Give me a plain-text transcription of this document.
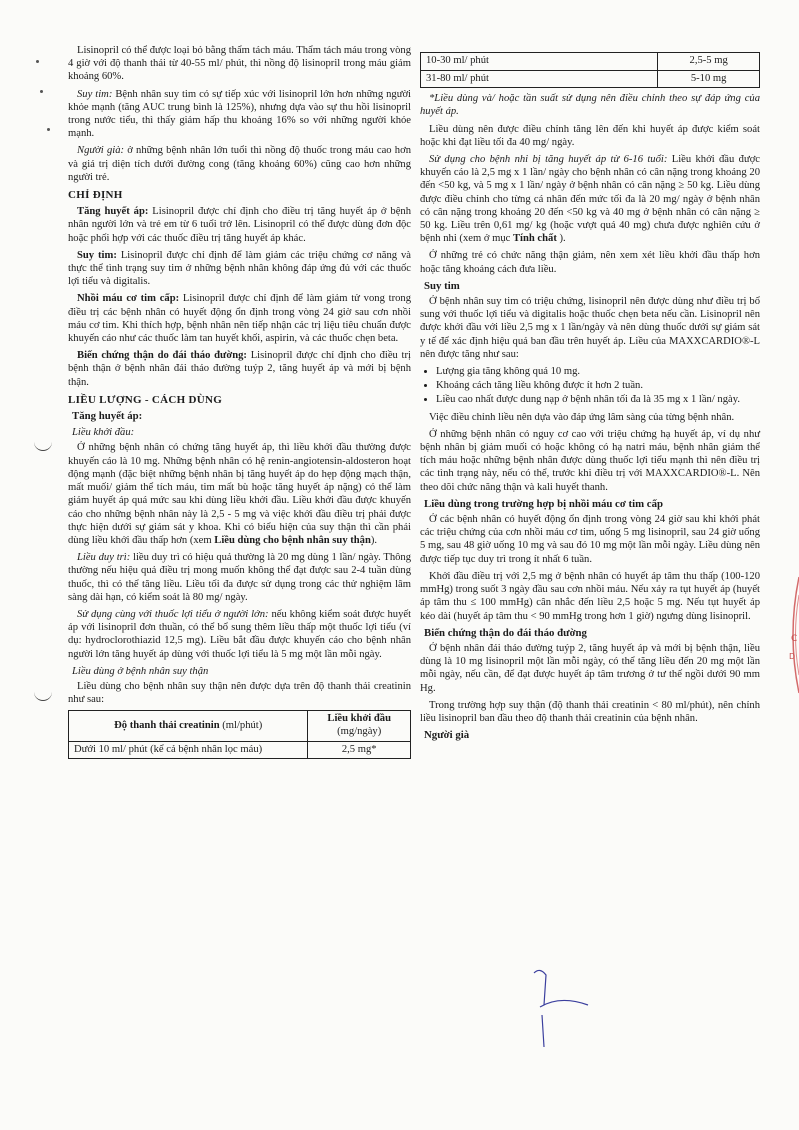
C
D

Lisinopril có thể được loại bỏ bằng thẩm tách máu. Thẩm tách máu trong vòng 4 giờ với độ thanh thải từ 40-55 ml/ phút, thì nồng độ lisinopril trong máu giảm khoảng 60%.

Suy tim: Bệnh nhân suy tim có sự tiếp xúc với lisinopril lớn hơn những người khỏe mạnh (tăng AUC trung bình là 125%), nhưng dựa vào sự thu hồi lisinopril trong nước tiểu, thì thấy giảm hấp thu khoảng 16% so với những người khỏe mạnh.

Người già: ở những bệnh nhân lớn tuổi thì nồng độ thuốc trong máu cao hơn và giá trị diện tích dưới đường cong (tăng khoảng 60%) cũng cao hơn những người trẻ.

CHỈ ĐỊNH

Tăng huyết áp: Lisinopril được chỉ định cho điều trị tăng huyết áp ở bệnh nhân người lớn và trẻ em từ 6 tuổi trở lên. Lisinopril có thể được dùng đơn độc hoặc phối hợp với các thuốc điều trị tăng huyết áp khác.

Suy tim: Lisinopril được chỉ định để làm giảm các triệu chứng cơ năng và thực thể tình trạng suy tim ở những bệnh nhân không đáp ứng đủ với các thuốc lợi tiểu và digitalis.

Nhồi máu cơ tim cấp: Lisinopril được chỉ định để làm giảm tử vong trong điều trị các bệnh nhân có huyết động ổn định trong vòng 24 giờ sau cơn nhồi máu cơ tim. Khi thích hợp, bệnh nhân nên tiếp nhận các trị liệu tiêu chuẩn được khuyến cáo như các thuốc làm tan huyết khối, aspirin, và các thuốc chẹn beta.

Biến chứng thận do đái tháo đường: Lisinopril được chỉ định cho điều trị bệnh thận ở bệnh nhân đái tháo đường tuýp 2, tăng huyết áp và mới bị bệnh thận.

LIỀU LƯỢNG - CÁCH DÙNG
Tăng huyết áp:
Liều khởi đầu:

Ở những bệnh nhân có chứng tăng huyết áp, thì liều khởi đầu thường được khuyến cáo là 10 mg. Những bệnh nhân có hệ renin-angiotensin-aldosteron hoạt động mạnh (đặc biệt những bệnh nhân bị tăng huyết áp do hẹp động mạch thận, mất muối/ giảm thể tích máu, tim mất bù hoặc tăng huyết áp nặng) có thể làm giảm huyết áp quá mức sau khi dùng liều khởi đầu. Liều khởi đầu được khuyến cáo cho những bệnh nhân này là 2,5 - 5 mg và việc khởi đầu điều trị phải được thực hiện dưới sự giám sát y khoa. Khi có biểu hiện của suy thận thì cần phải dùng liều khởi đầu thấp hơn (xem Liều dùng cho bệnh nhân suy thận).

Liều duy trì: liều duy trì có hiệu quả thường là 20 mg dùng 1 lần/ ngày. Thông thường nếu hiệu quả điều trị mong muốn không thể đạt được sau 2-4 tuần dùng thuốc, thì có thể tăng liều. Liều tối đa được sử dụng trong các thử nghiệm lâm sàng dài hạn, có kiểm soát là 80 mg/ ngày.

Sử dụng cùng với thuốc lợi tiểu ở người lớn: nếu không kiểm soát được huyết áp với lisinopril đơn thuần, có thể bổ sung thêm liều thấp một thuốc lợi tiểu (ví dụ: hydroclorothiazid 12,5 mg). Liều bắt đầu được khuyến cáo cho bệnh nhân người lớn tăng huyết áp dùng với thuốc lợi tiểu là 5 mg một lần mỗi ngày.

Liều dùng ở bệnh nhân suy thận

Liều dùng cho bệnh nhân suy thận nên được dựa trên độ thanh thải creatinin như sau:

Độ thanh thải creatinin (ml/phút)	Liều khởi đầu
(mg/ngày)
Dưới 10 ml/ phút (kể cả bệnh nhân lọc máu)	2,5 mg*
10-30 ml/ phút	2,5-5 mg
31-80 ml/ phút	5-10 mg

*Liều dùng và/ hoặc tần suất sử dụng nên điều chỉnh theo sự đáp ứng của huyết áp.

Liều dùng nên được điều chỉnh tăng lên đến khi huyết áp được kiểm soát hoặc khi đạt liều tối đa 40 mg/ ngày.

Sử dụng cho bệnh nhi bị tăng huyết áp từ 6-16 tuổi: Liều khởi đầu được khuyến cáo là 2,5 mg x 1 lần/ ngày cho bệnh nhân có cân nặng trong khoảng 20 đến <50 kg, và 5 mg x 1 lần/ ngày ở bệnh nhân có cân nặng ≥ 50 kg. Liều dùng được điều chỉnh cho từng cá nhân đến mức tối đa là 20 mg/ ngày ở bệnh nhân có cân nặng trong khoảng 20 đến <50 kg và 40 mg ở bệnh nhân có cân nặng ≥ 50 kg. Liều trên 0,61 mg/ kg (hoặc vượt quá 40 mg) chưa được nghiên cứu ở bệnh nhi (xem ở mục Tính chất ).

Ở những trẻ có chức năng thận giảm, nên xem xét liều khởi đầu thấp hơn hoặc tăng khoảng cách đưa liều.

Suy tim

Ở bệnh nhân suy tim có triệu chứng, lisinopril nên được dùng như điều trị bổ sung với thuốc lợi tiểu và digitalis hoặc thuốc chẹn beta nếu cần. Lisinopril nên được khởi đầu với liều 2,5 mg x 1 lần/ngày và nên dùng thuốc dưới sự giám sát y tế để xác định hiệu quả ban đầu trên huyết áp. Liều của MAXXCARDIO®-L nên được tăng như sau:

• Lượng gia tăng không quá 10 mg.
• Khoảng cách tăng liều không được ít hơn 2 tuần.
• Liều cao nhất được dung nạp ở bệnh nhân tối đa là 35 mg x 1 lần/ ngày.

Việc điều chỉnh liều nên dựa vào đáp ứng lâm sàng của từng bệnh nhân.

Ở những bệnh nhân có nguy cơ cao với triệu chứng hạ huyết áp, ví dụ như bệnh nhân bị giảm muối có hoặc không có hạ natri máu, bệnh nhân giảm thể tích máu hoặc những bệnh nhân được dùng thuốc lợi tiểu mạnh thì nên điều trị các tình trạng này, nếu có thể, trước khi điều trị với MAXXCARDIO®-L. Nên theo dõi chức năng thận và kali huyết thanh.

Liều dùng trong trường hợp bị nhồi máu cơ tim cấp

Ở các bệnh nhân có huyết động ổn định trong vòng 24 giờ sau khi khởi phát các triệu chứng của cơn nhồi máu cơ tim, uống 5 mg lisinopril, sau 24 giờ uống 5 mg, sau 48 giờ uống 10 mg và sau đó 10 mg một lần mỗi ngày. Liều dùng nên được tiếp tục duy trì trong ít nhất 6 tuần.

Khởi đầu điều trị với 2,5 mg ở bệnh nhân có huyết áp tâm thu thấp (100-120 mmHg) trong suốt 3 ngày đầu sau cơn nhồi máu. Nếu xảy ra tụt huyết áp (huyết áp tâm thu ≤ 100 mmHg) cân nhắc đến liều 2,5 hoặc 5 mg. Nếu tụt huyết áp kéo dài (huyết áp tâm thu < 90 mmHg trong hơn 1 giờ) ngưng dùng lisinopril.

Biến chứng thận do đái tháo đường

Ở bệnh nhân đái tháo đường tuýp 2, tăng huyết áp và mới bị bệnh thận, liều dùng là 10 mg lisinopril một lần mỗi ngày, có thể tăng liều đến 20 mg một lần mỗi ngày, nếu cần, để đạt được huyết áp tâm trương ở tư thế ngồi dưới 90 mm Hg.

Trong trường hợp suy thận (độ thanh thải creatinin < 80 ml/phút), nên chỉnh liều lisinopril ban đầu theo độ thanh thải creatinin của bệnh nhân.

Người già
